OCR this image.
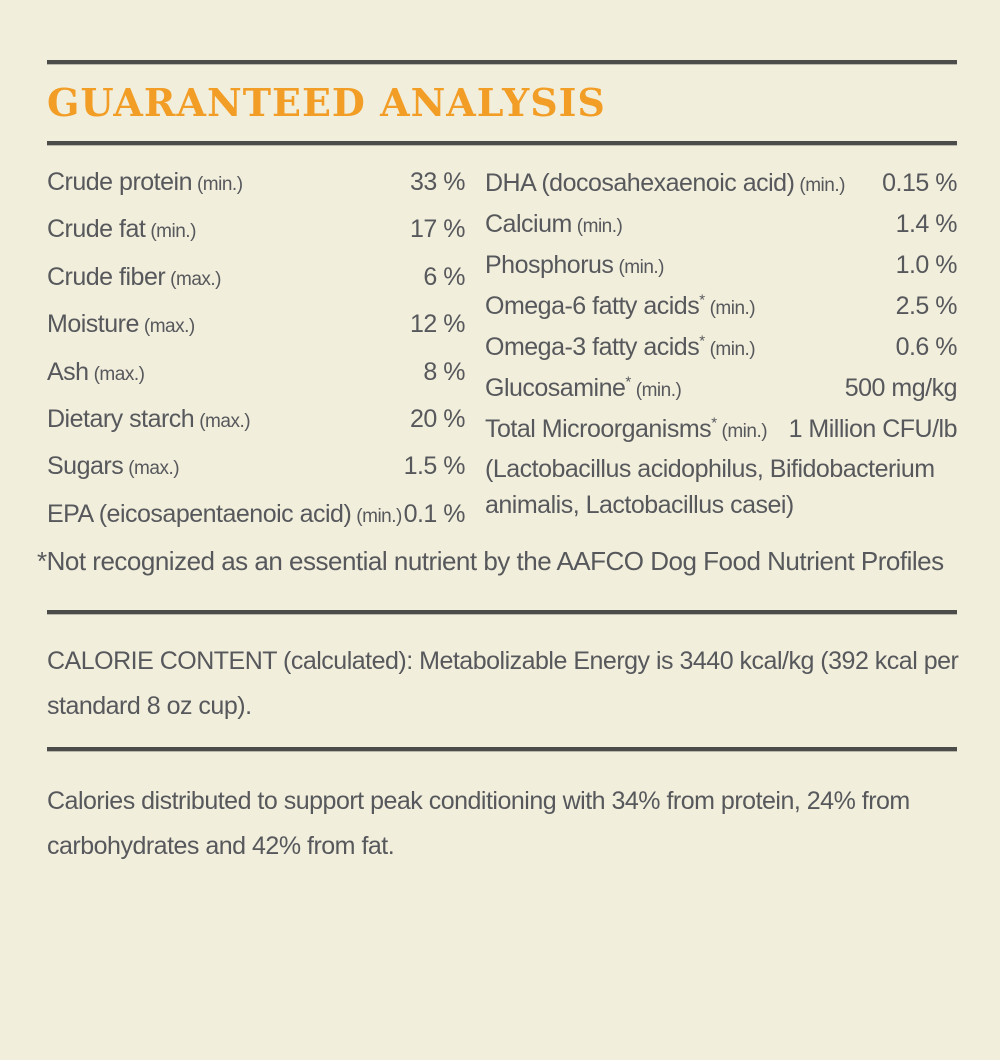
GUARANTEED ANALYSIS
Crude protein (min.)	33 %
Crude fat (min.)	17 %
Crude fiber (max.)	6 %
Moisture (max.)	12 %
Ash (max.)	8 %
Dietary starch (max.)	20 %
Sugars (max.)	1.5 %
EPA (eicosapentaenoic acid) (min.) 0.1 %
DHA (docosahexaenoic acid) (min.) 0.15 %
Calcium (min.)	1.4 %
Phosphorus (min.)	1.0 %
Omega-6 fatty acids* (min.)	2.5 %
Omega-3 fatty acids* (min.)	0.6 %
Glucosamine* (min.)	500 mg/kg
Total Microorganisms* (min.) 1 Million CFU/lb
(Lactobacillus acidophilus, Bifidobacterium
animalis, Lactobacillus casei)

*Not recognized as an essential nutrient by the AAFCO Dog Food Nutrient Profiles

CALORIE CONTENT (calculated): Metabolizable Energy is 3440 kcal/kg (392 kcal per
standard 8 oz cup).

Calories distributed to support peak conditioning with 34% from protein, 24% from
carbohydrates and 42% from fat.
